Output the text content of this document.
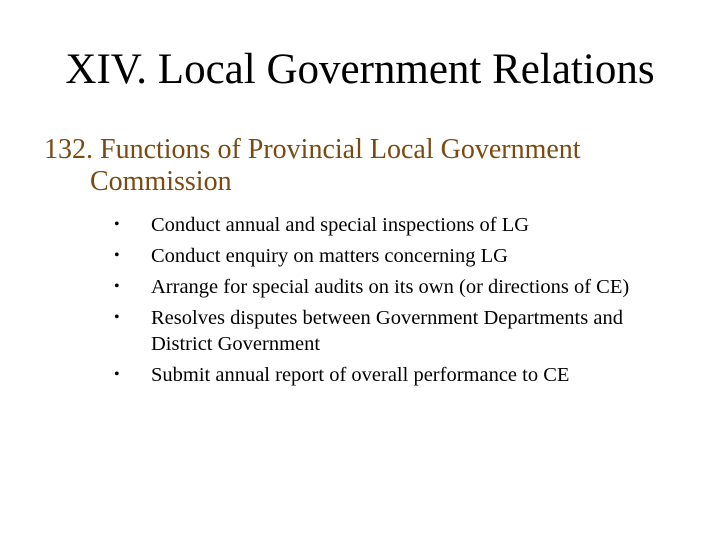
XIV. Local Government Relations
132. Functions of Provincial Local Government
Commission
• Conduct annual and special inspections of LG
• Conduct enquiry on matters concerning LG
• Arrange for special audits on its own (or directions of CE)
• Resolves disputes between Government Departments and District Government
• Submit annual report of overall performance to CE
